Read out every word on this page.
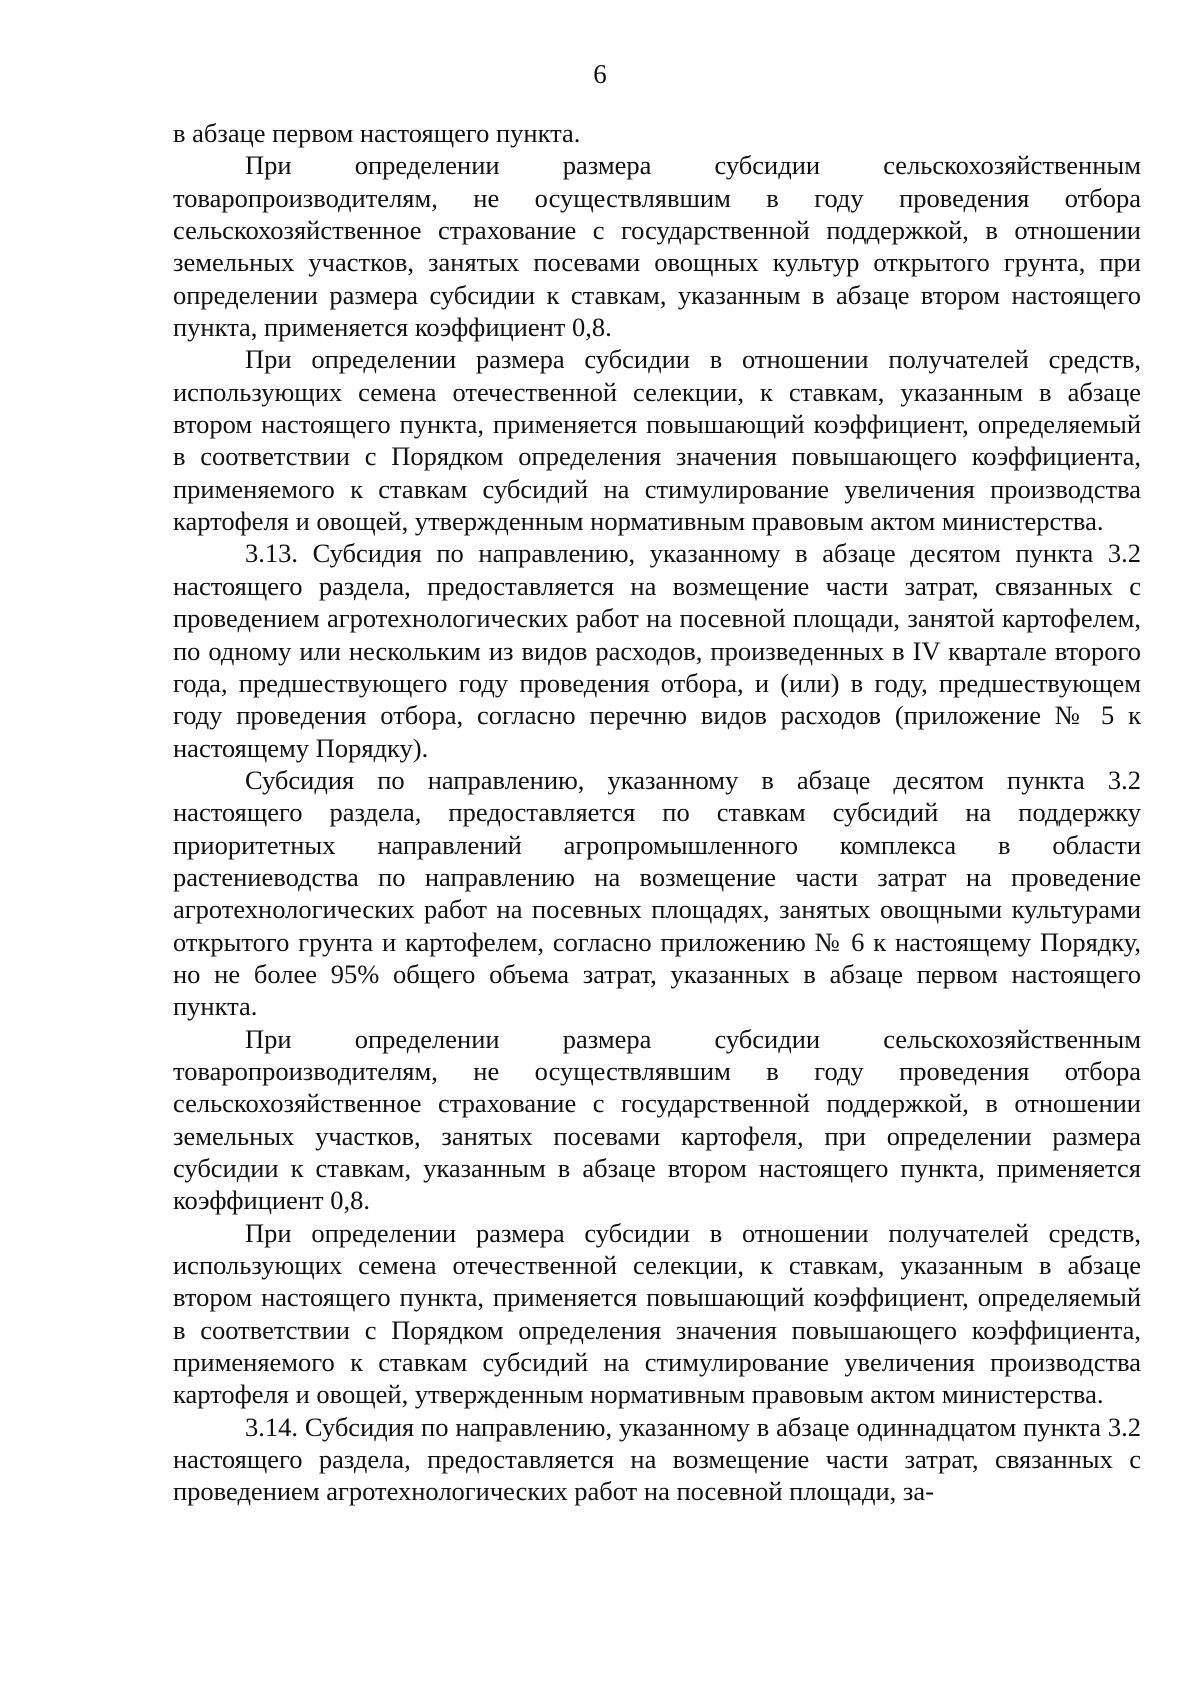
6

в абзаце первом настоящего пункта.

При определении размера субсидии сельскохозяйственным товаропроизводителям, не осуществлявшим в году проведения отбора сельскохозяйственное страхование с государственной поддержкой, в отношении земельных участков, занятых посевами овощных культур открытого грунта, при определении размера субсидии к ставкам, указанным в абзаце втором настоящего пункта, применяется коэффициент 0,8.

При определении размера субсидии в отношении получателей средств, использующих семена отечественной селекции, к ставкам, указанным в абзаце втором настоящего пункта, применяется повышающий коэффициент, определяемый в соответствии с Порядком определения значения повышающего коэффициента, применяемого к ставкам субсидий на стимулирование увеличения производства картофеля и овощей, утвержденным нормативным правовым актом министерства.

3.13. Субсидия по направлению, указанному в абзаце десятом пункта 3.2 настоящего раздела, предоставляется на возмещение части затрат, связанных с проведением агротехнологических работ на посевной площади, занятой картофелем, по одному или нескольким из видов расходов, произведенных в IV квартале второго года, предшествующего году проведения отбора, и (или) в году, предшествующем году проведения отбора, согласно перечню видов расходов (приложение № 5 к настоящему Порядку).

Субсидия по направлению, указанному в абзаце десятом пункта 3.2 настоящего раздела, предоставляется по ставкам субсидий на поддержку приоритетных направлений агропромышленного комплекса в области растениеводства по направлению на возмещение части затрат на проведение агротехнологических работ на посевных площадях, занятых овощными культурами открытого грунта и картофелем, согласно приложению № 6 к настоящему Порядку, но не более 95% общего объема затрат, указанных в абзаце первом настоящего пункта.

При определении размера субсидии сельскохозяйственным товаропроизводителям, не осуществлявшим в году проведения отбора сельскохозяйственное страхование с государственной поддержкой, в отношении земельных участков, занятых посевами картофеля, при определении размера субсидии к ставкам, указанным в абзаце втором настоящего пункта, применяется коэффициент 0,8.

При определении размера субсидии в отношении получателей средств, использующих семена отечественной селекции, к ставкам, указанным в абзаце втором настоящего пункта, применяется повышающий коэффициент, определяемый в соответствии с Порядком определения значения повышающего коэффициента, применяемого к ставкам субсидий на стимулирование увеличения производства картофеля и овощей, утвержденным нормативным правовым актом министерства.

3.14. Субсидия по направлению, указанному в абзаце одиннадцатом пункта 3.2 настоящего раздела, предоставляется на возмещение части затрат, связанных с проведением агротехнологических работ на посевной площади, за-
